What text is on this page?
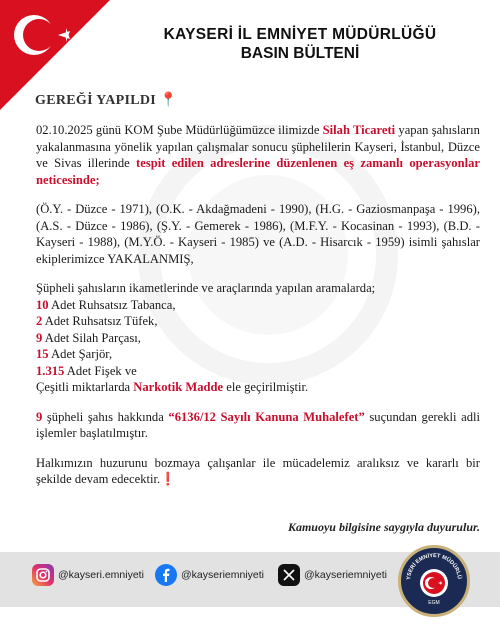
KAYSERİ İL EMNİYET MÜDÜRLÜĞÜ
BASIN BÜLTENİ
GEREĞİ YAPILDI 📍

02.10.2025 günü KOM Şube Müdürlüğümüzce ilimizde Silah Ticareti yapan şahısların yakalanmasına yönelik yapılan çalışmalar sonucu şüphelilerin Kayseri, İstanbul, Düzce ve Sivas illerinde tespit edilen adreslerine düzenlenen eş zamanlı operasyonlar neticesinde;

(Ö.Y. - Düzce - 1971), (O.K. - Akdağmadeni - 1990), (H.G. - Gaziosmanpaşa - 1996), (A.S. - Düzce - 1986), (Ş.Y. - Gemerek - 1986), (M.F.Y. - Kocasinan - 1993), (B.D. - Kayseri - 1988), (M.Y.Ö. - Kayseri - 1985) ve (A.D. - Hisarcık - 1959) isimli şahıslar ekiplerimizce YAKALANMIŞ,

Şüpheli şahısların ikametlerinde ve araçlarında yapılan aramalarda;
10 Adet Ruhsatsız Tabanca,
2 Adet Ruhsatsız Tüfek,
9 Adet Silah Parçası,
15 Adet Şarjör,
1.315 Adet Fişek ve
Çeşitli miktarlarda Narkotik Madde ele geçirilmiştir.

9 şüpheli şahıs hakkında “6136/12 Sayılı Kanuna Muhalefet” suçundan gerekli adli işlemler başlatılmıştır.

Halkımızın huzurunu bozmaya çalışanlar ile mücadelemiz aralıksız ve kararlı bir şekilde devam edecektir.❗

Kamuoyu bilgisine saygıyla duyurulur.
@kayseri.emniyeti	@kayseriemniyeti	@kayseriemniyeti	YSERİ EMNİYET MÜDÜRLÜ
EGM
